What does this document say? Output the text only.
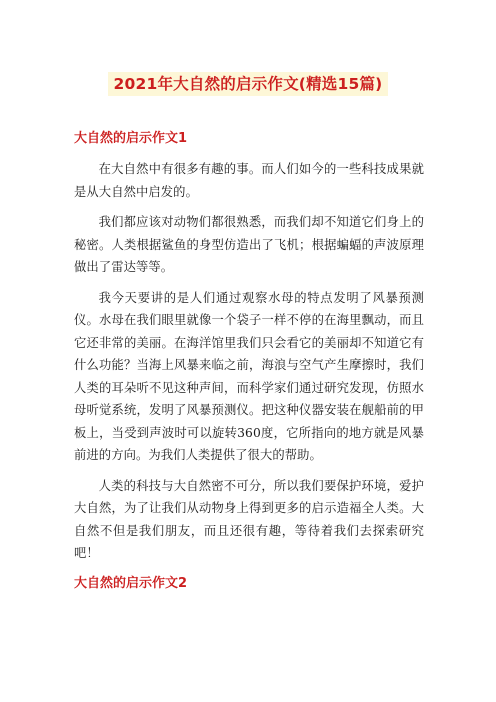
2021年大自然的启示作文(精选15篇)
大自然的启示作文1

在大自然中有很多有趣的事。而人们如今的一些科技成果就是从大自然中启发的。

我们都应该对动物们都很熟悉，而我们却不知道它们身上的秘密。人类根据鲨鱼的身型仿造出了飞机；根据蝙蝠的声波原理做出了雷达等等。

我今天要讲的是人们通过观察水母的特点发明了风暴预测仪。水母在我们眼里就像一个袋子一样不停的在海里飘动，而且它还非常的美丽。在海洋馆里我们只会看它的美丽却不知道它有什么功能？当海上风暴来临之前，海浪与空气产生摩擦时，我们人类的耳朵听不见这种声间，而科学家们通过研究发现，仿照水母听觉系统，发明了风暴预测仪。把这种仪器安装在舰船前的甲板上，当受到声波时可以旋转360度，它所指向的地方就是风暴前进的方向。为我们人类提供了很大的帮助。

人类的科技与大自然密不可分，所以我们要保护环境，爱护大自然，为了让我们从动物身上得到更多的启示造福全人类。大自然不但是我们朋友，而且还很有趣，等待着我们去探索研究吧！

大自然的启示作文2
